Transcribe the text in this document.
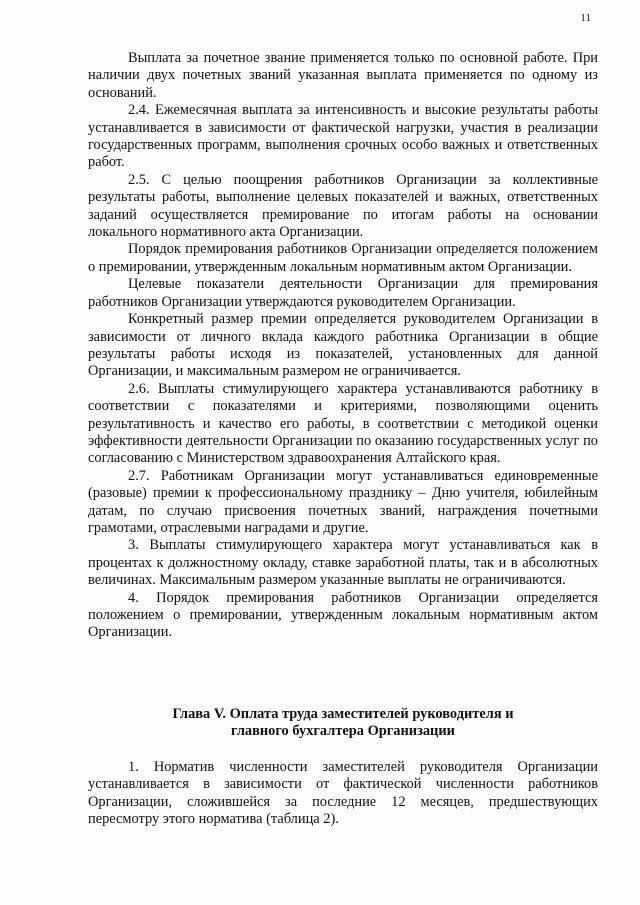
11

Выплата за почетное звание применяется только по основной работе. При наличии двух почетных званий указанная выплата применяется по одному из оснований.

2.4. Ежемесячная выплата за интенсивность и высокие результаты работы устанавливается в зависимости от фактической нагрузки, участия в реализации государственных программ, выполнения срочных особо важных и ответственных работ.

2.5. С целью поощрения работников Организации за коллективные результаты работы, выполнение целевых показателей и важных, ответственных заданий осуществляется премирование по итогам работы на основании локального нормативного акта Организации.

Порядок премирования работников Организации определяется положением о премировании, утвержденным локальным нормативным актом Организации.

Целевые показатели деятельности Организации для премирования работников Организации утверждаются руководителем Организации.

Конкретный размер премии определяется руководителем Организации в зависимости от личного вклада каждого работника Организации в общие результаты работы исходя из показателей, установленных для данной Организации, и максимальным размером не ограничивается.

2.6. Выплаты стимулирующего характера устанавливаются работнику в соответствии с показателями и критериями, позволяющими оценить результативность и качество его работы, в соответствии с методикой оценки эффективности деятельности Организации по оказанию государственных услуг по согласованию с Министерством здравоохранения Алтайского края.

2.7. Работникам Организации могут устанавливаться единовременные (разовые) премии к профессиональному празднику – Дню учителя, юбилейным датам, по случаю присвоения почетных званий, награждения почетными грамотами, отраслевыми наградами и другие.

3. Выплаты стимулирующего характера могут устанавливаться как в процентах к должностному окладу, ставке заработной платы, так и в абсолютных величинах. Максимальным размером указанные выплаты не ограничиваются.

4. Порядок премирования работников Организации определяется положением о премировании, утвержденным локальным нормативным актом Организации.

Глава V. Оплата труда заместителей руководителя и
главного бухгалтера Организации

1. Норматив численности заместителей руководителя Организации устанавливается в зависимости от фактической численности работников Организации, сложившейся за последние 12 месяцев, предшествующих пересмотру этого норматива (таблица 2).
